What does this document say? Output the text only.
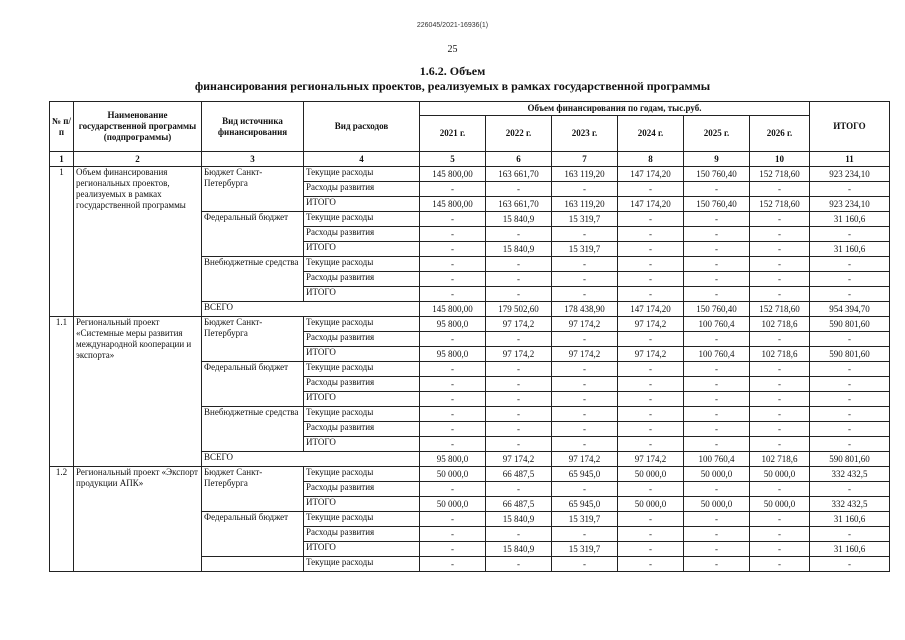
226045/2021-16936(1)
25
1.6.2. Объем
финансирования региональных проектов, реализуемых в рамках государственной программы
№ п/п	Наименование государственной программы (подпрограммы)	Вид источника финансирования	Вид расходов	Объем финансирования по годам, тыс.руб.						ИТОГО
				2021 г.	2022 г.	2023 г.	2024 г.	2025 г.	2026 г.	
1	2	3	4	5	6	7	8	9	10	11
1	Объем финансирования региональных проектов, реализуемых в рамках государственной программы	Бюджет Санкт-Петербурга	Текущие расходы	145 800,00	163 661,70	163 119,20	147 174,20	150 760,40	152 718,60	923 234,10
			Расходы развития	-	-	-	-	-	-	-
			ИТОГО	145 800,00	163 661,70	163 119,20	147 174,20	150 760,40	152 718,60	923 234,10
		Федеральный бюджет	Текущие расходы	-	15 840,9	15 319,7	-	-	-	31 160,6
			Расходы развития	-	-	-	-	-	-	-
			ИТОГО	-	15 840,9	15 319,7	-	-	-	31 160,6
		Внебюджетные средства	Текущие расходы	-	-	-	-	-	-	-
			Расходы развития	-	-	-	-	-	-	-
			ИТОГО	-	-	-	-	-	-	-
		ВСЕГО		145 800,00	179 502,60	178 438,90	147 174,20	150 760,40	152 718,60	954 394,70
1.1	Региональный проект «Системные меры развития международной кооперации и экспорта»	Бюджет Санкт-Петербурга	Текущие расходы	95 800,0	97 174,2	97 174,2	97 174,2	100 760,4	102 718,6	590 801,60
			Расходы развития	-	-	-	-	-	-	-
			ИТОГО	95 800,0	97 174,2	97 174,2	97 174,2	100 760,4	102 718,6	590 801,60
		Федеральный бюджет	Текущие расходы	-	-	-	-	-	-	-
			Расходы развития	-	-	-	-	-	-	-
			ИТОГО	-	-	-	-	-	-	-
		Внебюджетные средства	Текущие расходы	-	-	-	-	-	-	-
			Расходы развития	-	-	-	-	-	-	-
			ИТОГО	-	-	-	-	-	-	-
		ВСЕГО		95 800,0	97 174,2	97 174,2	97 174,2	100 760,4	102 718,6	590 801,60
1.2	Региональный проект «Экспорт продукции АПК»	Бюджет Санкт-Петербурга	Текущие расходы	50 000,0	66 487,5	65 945,0	50 000,0	50 000,0	50 000,0	332 432,5
			Расходы развития	-	-	-	-	-	-	-
			ИТОГО	50 000,0	66 487,5	65 945,0	50 000,0	50 000,0	50 000,0	332 432,5
		Федеральный бюджет	Текущие расходы	-	15 840,9	15 319,7	-	-	-	31 160,6
			Расходы развития	-	-	-	-	-	-	-
			ИТОГО	-	15 840,9	15 319,7	-	-	-	31 160,6
			Текущие расходы	-	-	-	-	-	-	-
